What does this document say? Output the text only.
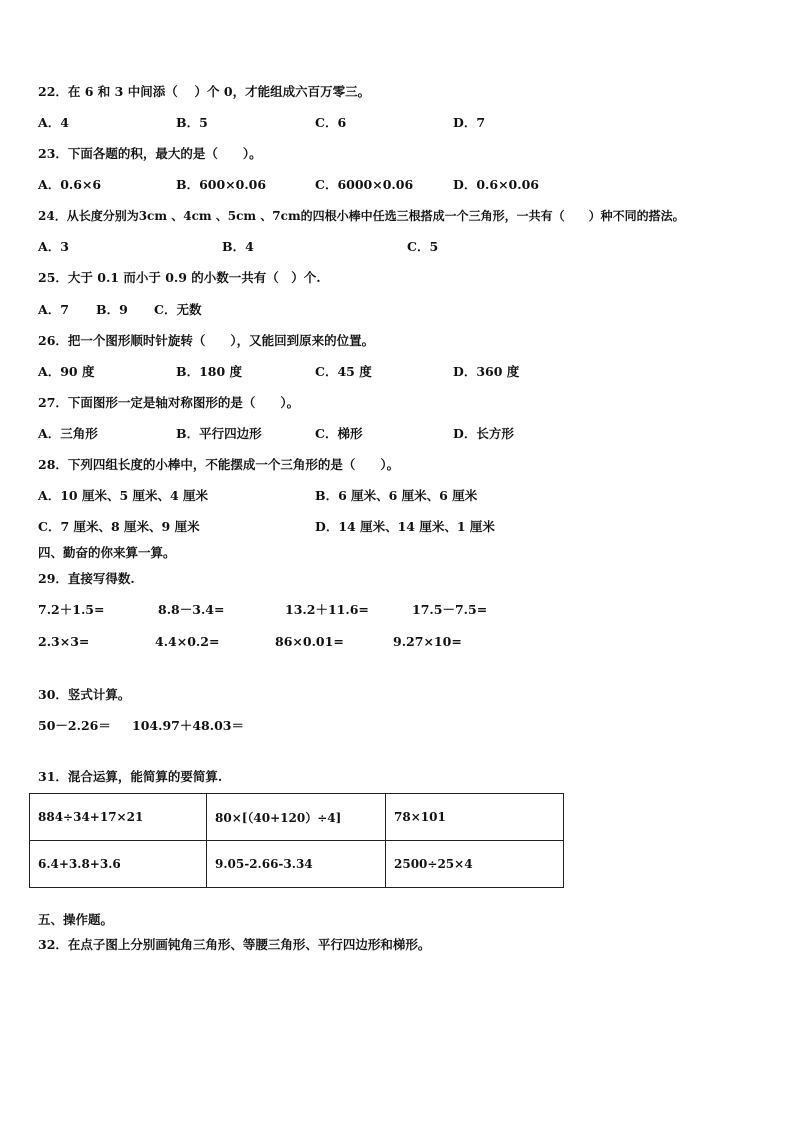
22．在 6 和 3 中间添（　 ）个 0，才能组成六百万零三。
A．4	B．5	C．6	D．7
23．下面各题的积，最大的是（　　）。
A．0.6×6	B．600×0.06	C．6000×0.06	D．0.6×0.06
24．从长度分别为3cm 、4cm 、5cm 、7cm的四根小棒中任选三根搭成一个三角形，一共有（　　）种不同的搭法。
A．3	B．4	C．5
25．大于 0.1 而小于 0.9 的小数一共有（　）个.
A．7 B．9 C．无数
26．把一个图形顺时针旋转（　　），又能回到原来的位置。
A．90 度	B．180 度	C．45 度	D．360 度
27．下面图形一定是轴对称图形的是（　　）。
A．三角形	B．平行四边形	C．梯形	D．长方形
28．下列四组长度的小棒中，不能摆成一个三角形的是（　　）。
A．10 厘米、5 厘米、4 厘米	B．6 厘米、6 厘米、6 厘米
C．7 厘米、8 厘米、9 厘米	D．14 厘米、14 厘米、1 厘米
四、勤奋的你来算一算。
29．直接写得数.
7.2＋1.5=	8.8－3.4=	13.2＋11.6=	17.5－7.5=
2.3×3=	4.4×0.2=	86×0.01=	9.27×10=
30．竖式计算。
50－2.26＝ 104.97＋48.03＝
31．混合运算，能简算的要简算.
884÷34+17×21	80×[（40+120）÷4]	78×101
6.4+3.8+3.6	9.05-2.66-3.34	2500÷25×4
五、操作题。
32．在点子图上分别画钝角三角形、等腰三角形、平行四边形和梯形。
